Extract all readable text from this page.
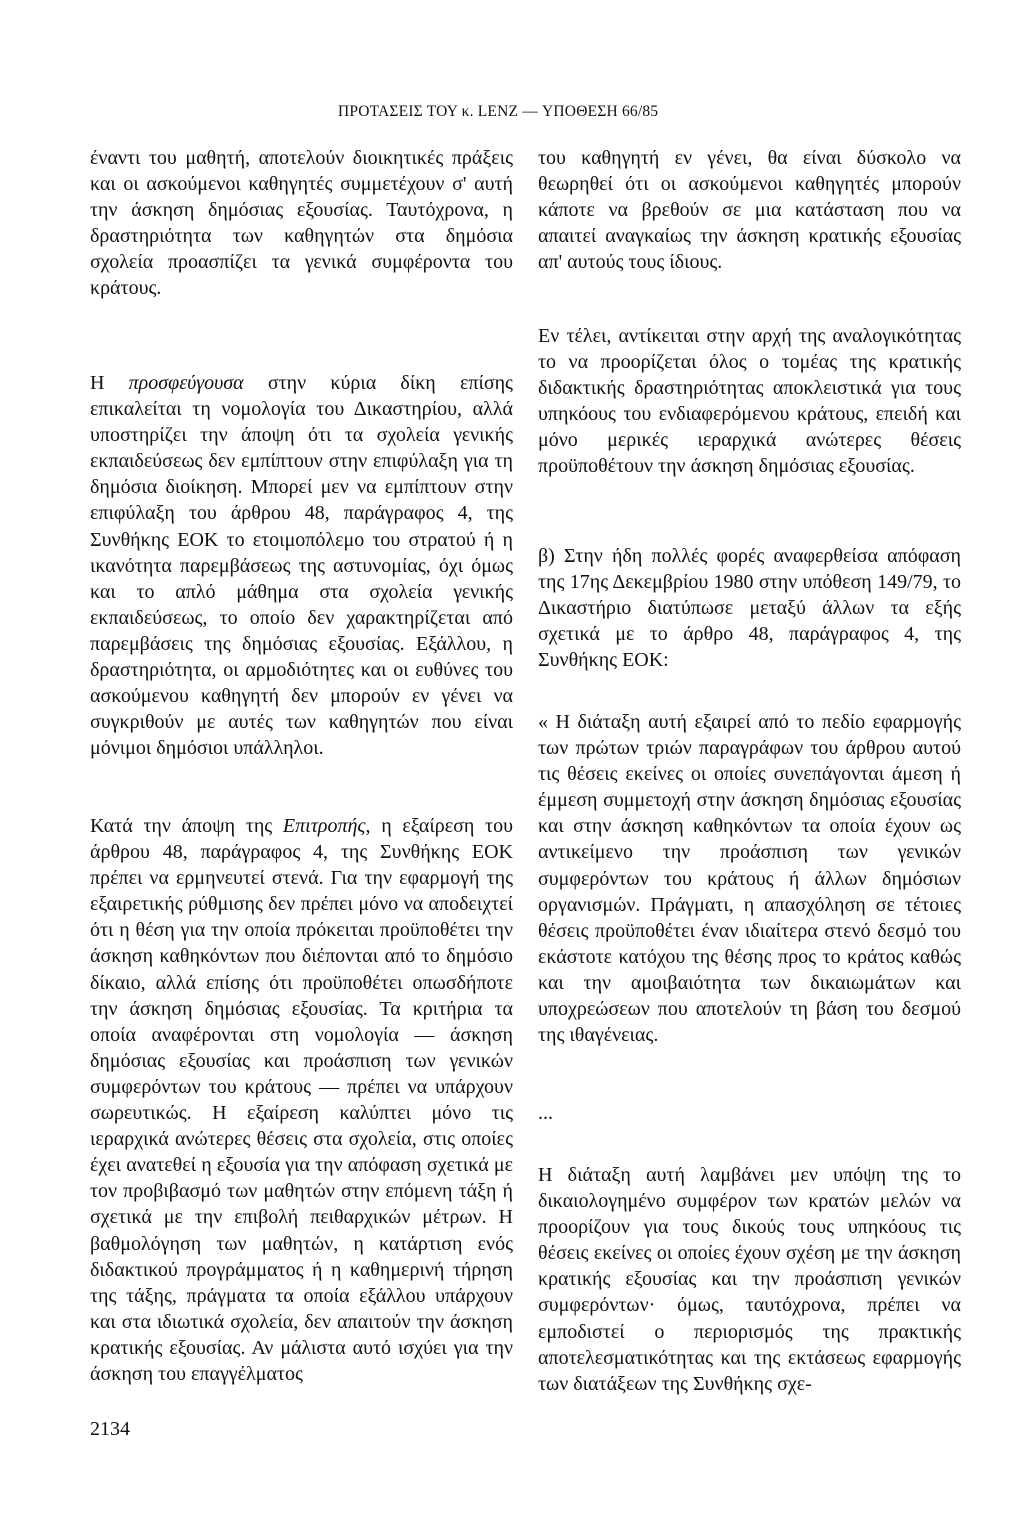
ΠΡΟΤΑΣΕΙΣ ΤΟΥ κ. LENZ — ΥΠΟΘΕΣΗ 66/85

έναντι του μαθητή, αποτελούν διοικητικές πράξεις και οι ασκούμενοι καθηγητές συμμετέχουν σ' αυτή την άσκηση δημόσιας εξουσίας. Ταυτόχρονα, η δραστηριότητα των καθηγητών στα δημόσια σχολεία προασπίζει τα γενικά συμφέροντα του κράτους.

Η προσφεύγουσα στην κύρια δίκη επίσης επικαλείται τη νομολογία του Δικαστηρίου, αλλά υποστηρίζει την άποψη ότι τα σχολεία γενικής εκπαιδεύσεως δεν εμπίπτουν στην επιφύλαξη για τη δημόσια διοίκηση. Μπορεί μεν να εμπίπτουν στην επιφύλαξη του άρθρου 48, παράγραφος 4, της Συνθήκης ΕΟΚ το ετοιμοπόλεμο του στρατού ή η ικανότητα παρεμβάσεως της αστυνομίας, όχι όμως και το απλό μάθημα στα σχολεία γενικής εκπαιδεύσεως, το οποίο δεν χαρακτηρίζεται από παρεμβάσεις της δημόσιας εξουσίας. Εξάλλου, η δραστηριότητα, οι αρμοδιότητες και οι ευθύνες του ασκούμενου καθηγητή δεν μπορούν εν γένει να συγκριθούν με αυτές των καθηγητών που είναι μόνιμοι δημόσιοι υπάλληλοι.

Κατά την άποψη της Επιτροπής, η εξαίρεση του άρθρου 48, παράγραφος 4, της Συνθήκης ΕΟΚ πρέπει να ερμηνευτεί στενά. Για την εφαρμογή της εξαιρετικής ρύθμισης δεν πρέπει μόνο να αποδειχτεί ότι η θέση για την οποία πρόκειται προϋποθέτει την άσκηση καθηκόντων που διέπονται από το δημόσιο δίκαιο, αλλά επίσης ότι προϋποθέτει οπωσδήποτε την άσκηση δημόσιας εξουσίας. Τα κριτήρια τα οποία αναφέρονται στη νομολογία — άσκηση δημόσιας εξουσίας και προάσπιση των γενικών συμφερόντων του κράτους — πρέπει να υπάρχουν σωρευτικώς. Η εξαίρεση καλύπτει μόνο τις ιεραρχικά ανώτερες θέσεις στα σχολεία, στις οποίες έχει ανατεθεί η εξουσία για την απόφαση σχετικά με τον προβιβασμό των μαθητών στην επόμενη τάξη ή σχετικά με την επιβολή πειθαρχικών μέτρων. Η βαθμολόγηση των μαθητών, η κατάρτιση ενός διδακτικού προγράμματος ή η καθημερινή τήρηση της τάξης, πράγματα τα οποία εξάλλου υπάρχουν και στα ιδιωτικά σχολεία, δεν απαιτούν την άσκηση κρατικής εξουσίας. Αν μάλιστα αυτό ισχύει για την άσκηση του επαγγέλματος

του καθηγητή εν γένει, θα είναι δύσκολο να θεωρηθεί ότι οι ασκούμενοι καθηγητές μπορούν κάποτε να βρεθούν σε μια κατάσταση που να απαιτεί αναγκαίως την άσκηση κρατικής εξουσίας απ' αυτούς τους ίδιους.

Εν τέλει, αντίκειται στην αρχή της αναλογικότητας το να προορίζεται όλος ο τομέας της κρατικής διδακτικής δραστηριότητας αποκλειστικά για τους υπηκόους του ενδιαφερόμενου κράτους, επειδή και μόνο μερικές ιεραρχικά ανώτερες θέσεις προϋποθέτουν την άσκηση δημόσιας εξουσίας.

β) Στην ήδη πολλές φορές αναφερθείσα απόφαση της 17ης Δεκεμβρίου 1980 στην υπόθεση 149/79, το Δικαστήριο διατύπωσε μεταξύ άλλων τα εξής σχετικά με το άρθρο 48, παράγραφος 4, της Συνθήκης ΕΟΚ:

« Η διάταξη αυτή εξαιρεί από το πεδίο εφαρμογής των πρώτων τριών παραγράφων του άρθρου αυτού τις θέσεις εκείνες οι οποίες συνεπάγονται άμεση ή έμμεση συμμετοχή στην άσκηση δημόσιας εξουσίας και στην άσκηση καθηκόντων τα οποία έχουν ως αντικείμενο την προάσπιση των γενικών συμφερόντων του κράτους ή άλλων δημόσιων οργανισμών. Πράγματι, η απασχόληση σε τέτοιες θέσεις προϋποθέτει έναν ιδιαίτερα στενό δεσμό του εκάστοτε κατόχου της θέσης προς το κράτος καθώς και την αμοιβαιότητα των δικαιωμάτων και υποχρεώσεων που αποτελούν τη βάση του δεσμού της ιθαγένειας.

...

Η διάταξη αυτή λαμβάνει μεν υπόψη της το δικαιολογημένο συμφέρον των κρατών μελών να προορίζουν για τους δικούς τους υπηκόους τις θέσεις εκείνες οι οποίες έχουν σχέση με την άσκηση κρατικής εξουσίας και την προάσπιση γενικών συμφερόντων· όμως, ταυτόχρονα, πρέπει να εμποδιστεί ο περιορισμός της πρακτικής αποτελεσματικότητας και της εκτάσεως εφαρμογής των διατάξεων της Συνθήκης σχε-

2134
